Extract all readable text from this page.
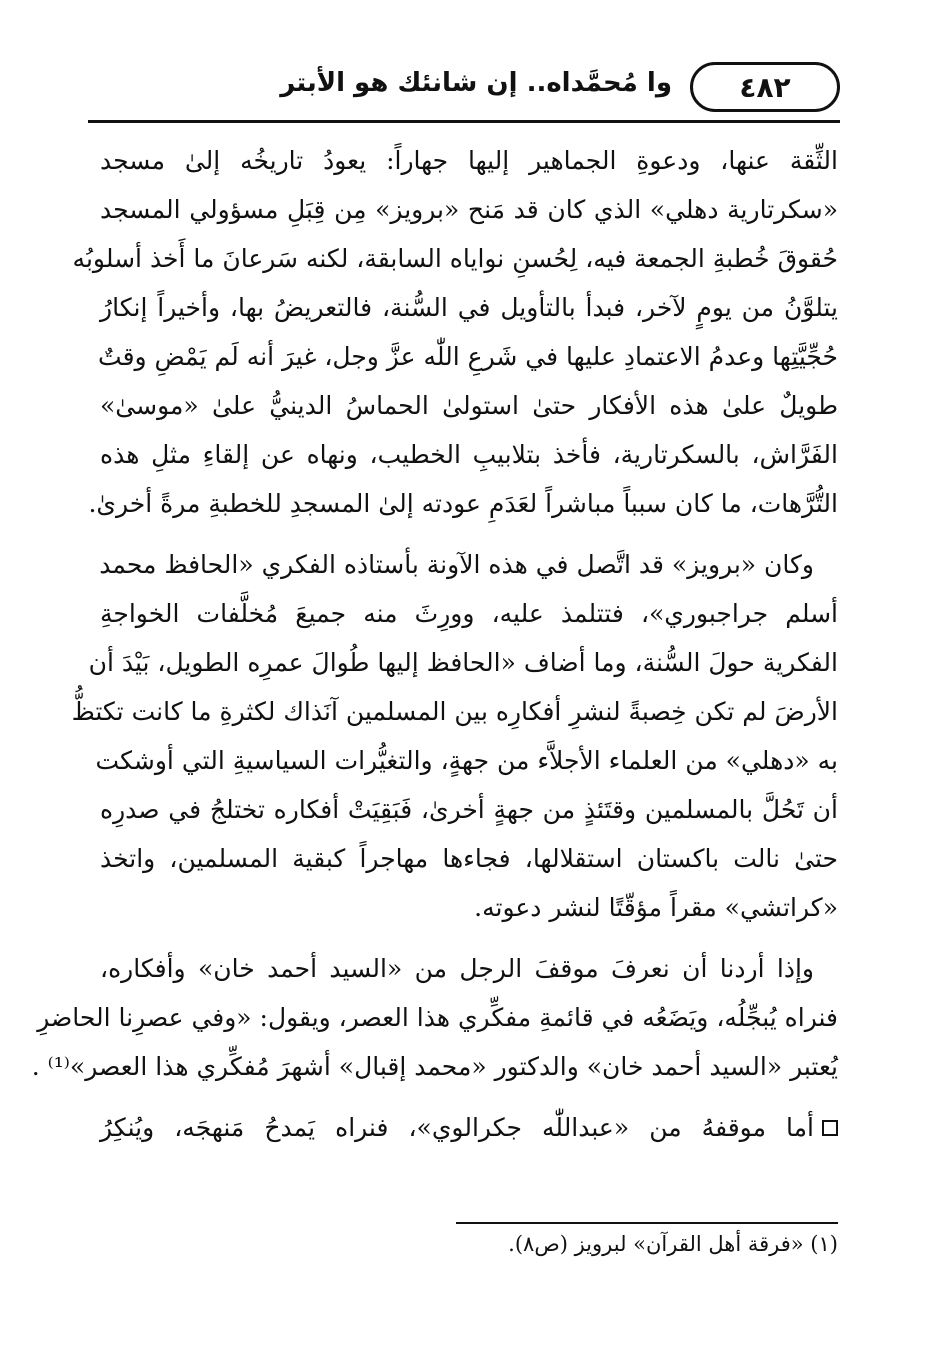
وا مُحمَّداه.. إن شانئك هو الأبتر	٤٨٢
الثِّقة عنها، ودعوةِ الجماهير إليها جهاراً: يعودُ تاريخُه إلىٰ مسجد
«سكرتارية دهلي» الذي كان قد مَنح «برويز» مِن قِبَلِ مسؤولي المسجد
حُقوقَ خُطبةِ الجمعة فيه، لِحُسنِ نواياه السابقة، لكنه سَرعانَ ما أَخذ أسلوبُه
يتلوَّنُ من يومٍ لآخر، فبدأ بالتأويل في السُّنة، فالتعريضُ بها، وأخيراً إنكارُ
حُجِّيَّتِها وعدمُ الاعتمادِ عليها في شَرعِ اللّٰه عزَّ وجل، غيرَ أنه لَم يَمْضِ وقتٌ
طويلٌ علىٰ هذه الأفكار حتىٰ استولىٰ الحماسُ الدينيُّ علىٰ «موسىٰ»
الفَرَّاش، بالسكرتارية، فأخذ بتلابيبِ الخطيب، ونهاه عن إلقاءِ مثلِ هذه
التُّرَّهات، ما كان سبباً مباشراً لعَدَمِ عودته إلىٰ المسجدِ للخطبةِ مرةً أخرىٰ.
وكان «برويز» قد اتَّصل في هذه الآونة بأستاذه الفكري «الحافظ محمد
أسلم جراجبوري»، فتتلمذ عليه، وورِثَ منه جميعَ مُخلَّفات الخواجةِ
الفكرية حولَ السُّنة، وما أضاف «الحافظ إليها طُوالَ عمرِه الطويل، بَيْدَ أن
الأرضَ لم تكن خِصبةً لنشرِ أفكارِه بين المسلمين آنَذاك لكثرةِ ما كانت تكتظُّ
به «دهلي» من العلماء الأجلاَّء من جهةٍ، والتغيُّرات السياسيةِ التي أوشكت
أن تَحُلَّ بالمسلمين وقتَئذٍ من جهةٍ أخرىٰ، فَبَقِيَتْ أفكاره تختلجُ في صدرِه
حتىٰ نالت باكستان استقلالها، فجاءها مهاجراً كبقية المسلمين، واتخذ
«كراتشي» مقراً مؤقّتًا لنشر دعوته.
وإذا أردنا أن نعرفَ موقفَ الرجل من «السيد أحمد خان» وأفكاره،
فنراه يُبجِّلُه، ويَضَعُه في قائمةِ مفكِّري هذا العصر، ويقول: «وفي عصرِنا الحاضرِ
يُعتبر «السيد أحمد خان» والدكتور «محمد إقبال» أشهرَ مُفكِّري هذا العصر»⁽¹⁾ .
أما موقفهُ من «عبداللّٰه جكرالوي»، فنراه يَمدحُ مَنهجَه، ويُنكِرُ
(١) «فرقة أهل القرآن» لبرويز (ص٨).
